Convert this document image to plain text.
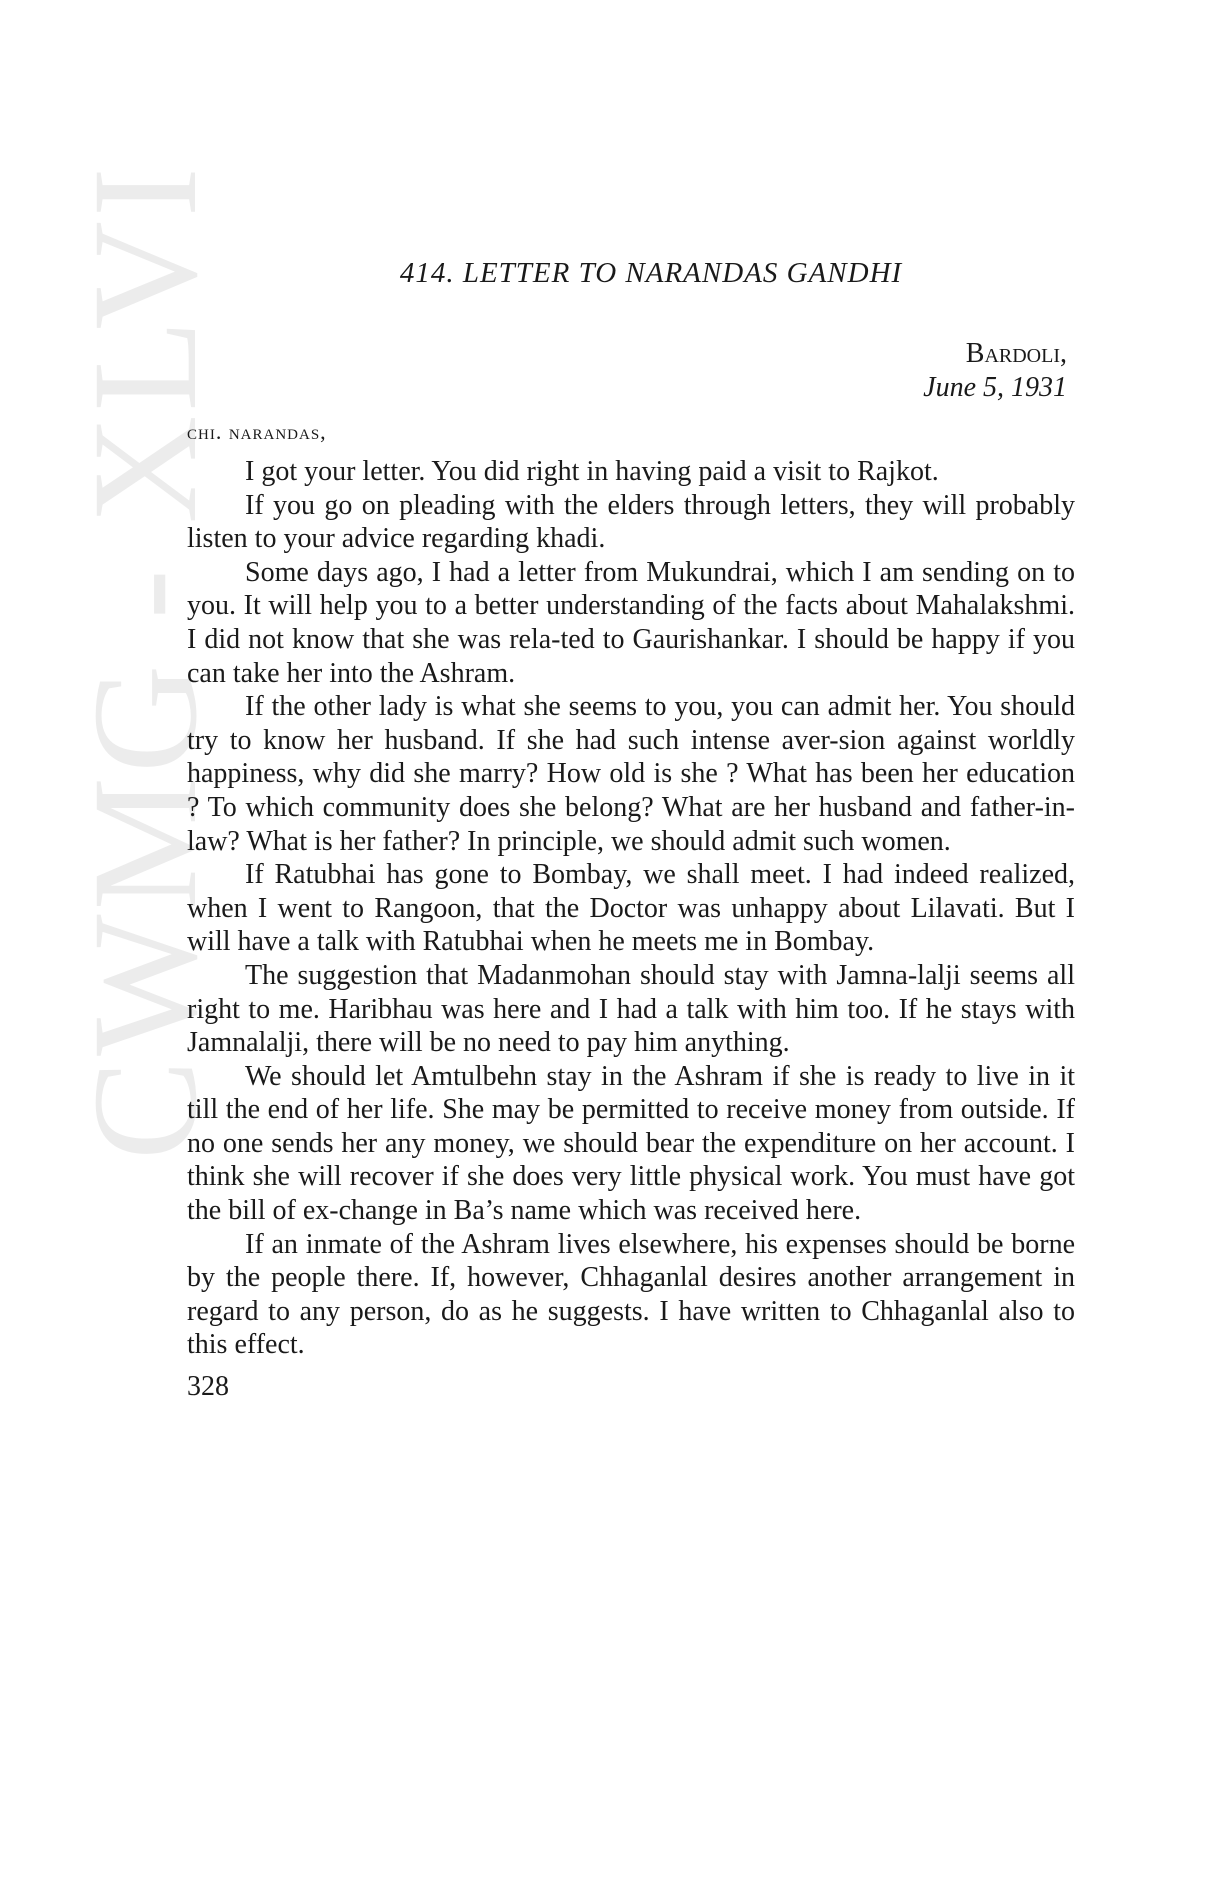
CWMG - XLVI	414. LETTER TO NARANDAS GANDHI
Bardoli,
June 5, 1931
chi. narandas,

I got your letter. You did right in having paid a visit to Rajkot.

If you go on pleading with the elders through letters, they will probably listen to your advice regarding khadi.

Some days ago, I had a letter from Mukundrai, which I am sending on to you. It will help you to a better understanding of the facts about Mahalakshmi. I did not know that she was rela-ted to Gaurishankar. I should be happy if you can take her into the Ashram.

If the other lady is what she seems to you, you can admit her. You should try to know her husband. If she had such intense aver-sion against worldly happiness, why did she marry? How old is she ? What has been her education ? To which community does she belong? What are her husband and father-in-law? What is her father? In principle, we should admit such women.

If Ratubhai has gone to Bombay, we shall meet. I had indeed realized, when I went to Rangoon, that the Doctor was unhappy about Lilavati. But I will have a talk with Ratubhai when he meets me in Bombay.

The suggestion that Madanmohan should stay with Jamna-lalji seems all right to me. Haribhau was here and I had a talk with him too. If he stays with Jamnalalji, there will be no need to pay him anything.

We should let Amtulbehn stay in the Ashram if she is ready to live in it till the end of her life. She may be permitted to receive money from outside. If no one sends her any money, we should bear the expenditure on her account. I think she will recover if she does very little physical work. You must have got the bill of ex-change in Ba’s name which was received here.

If an inmate of the Ashram lives elsewhere, his expenses should be borne by the people there. If, however, Chhaganlal desires another arrangement in regard to any person, do as he suggests. I have written to Chhaganlal also to this effect.

328
